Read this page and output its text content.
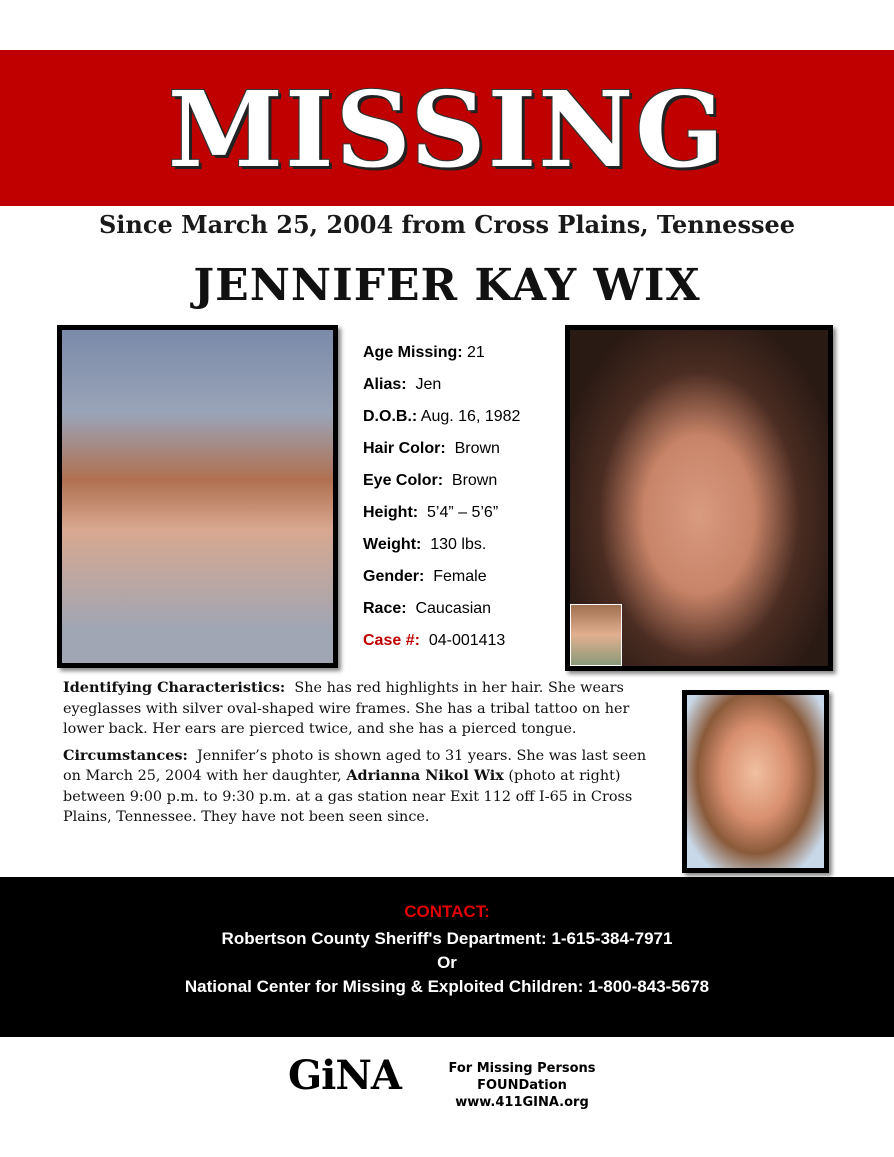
MISSING
Since March 25, 2004 from Cross Plains, Tennessee
JENNIFER KAY WIX
Age Missing: 21
Alias: Jen
D.O.B.: Aug. 16, 1982
Hair Color: Brown
Eye Color: Brown
Height: 5’4” – 5’6”
Weight: 130 lbs.
Gender: Female
Race: Caucasian
Case #: 04-001413

Identifying Characteristics: She has red highlights in her hair. She wears eyeglasses with silver oval-shaped wire frames. She has a tribal tattoo on her lower back. Her ears are pierced twice, and she has a pierced tongue.

Circumstances: Jennifer’s photo is shown aged to 31 years. She was last seen on March 25, 2004 with her daughter, Adrianna Nikol Wix (photo at right) between 9:00 p.m. to 9:30 p.m. at a gas station near Exit 112 off I-65 in Cross Plains, Tennessee. They have not been seen since.

CONTACT:
Robertson County Sheriff's Department: 1-615-384-7971
Or
National Center for Missing & Exploited Children: 1-800-843-5678
GiNA	For Missing Persons FOUNDation
www.411GINA.org
